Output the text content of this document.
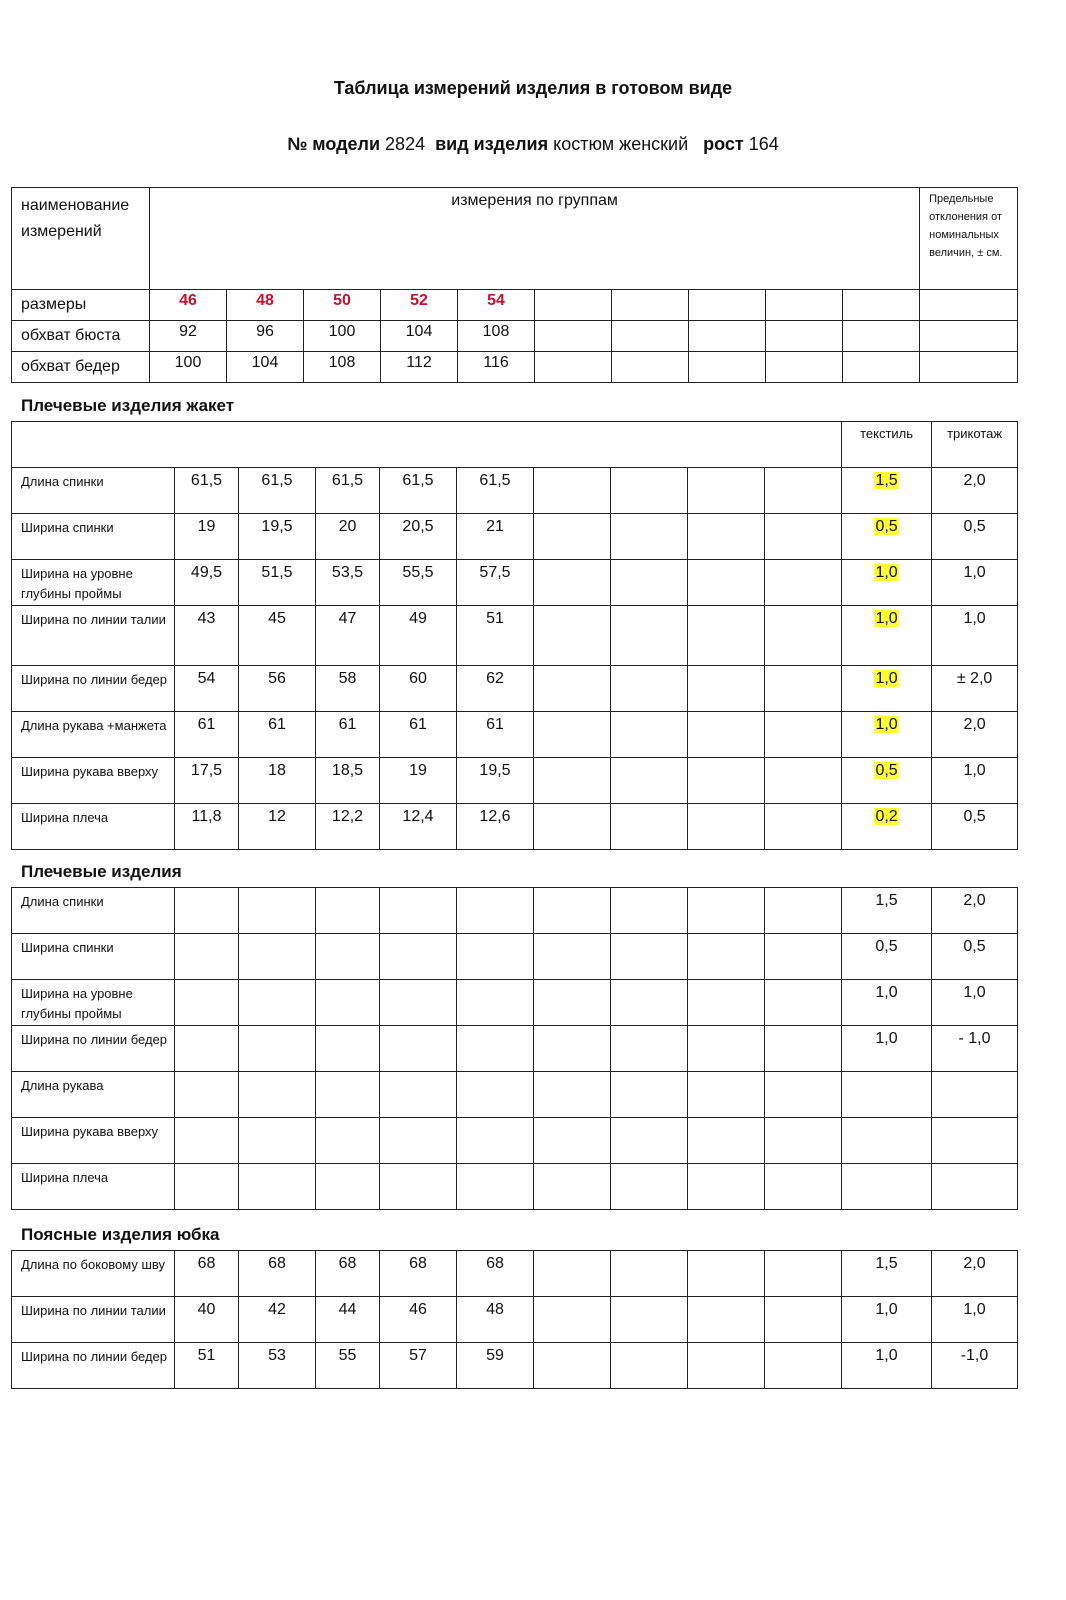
Таблица измерений изделия в готовом виде
№ модели 2824 вид изделия костюм женский рост 164
наименование измерений	измерения по группам										Предельные отклонения от номинальных величин, ± см.
размеры	46	48	50	52	54						
обхват бюста	92	96	100	104	108						
обхват бедер	100	104	108	112	116						
Плечевые изделия жакет
										текстиль	трикотаж
Длина спинки	61,5	61,5	61,5	61,5	61,5					1,5	2,0
Ширина спинки	19	19,5	20	20,5	21					0,5	0,5
Ширина на уровне глубины проймы	49,5	51,5	53,5	55,5	57,5					1,0	1,0
Ширина по линии талии	43	45	47	49	51					1,0	1,0
Ширина по линии бедер	54	56	58	60	62					1,0	± 2,0
Длина рукава +манжета	61	61	61	61	61					1,0	2,0
Ширина рукава вверху	17,5	18	18,5	19	19,5					0,5	1,0
Ширина плеча	11,8	12	12,2	12,4	12,6					0,2	0,5
Плечевые изделия
Длина спинки										1,5	2,0
Ширина спинки										0,5	0,5
Ширина на уровне глубины проймы										1,0	1,0
Ширина по линии бедер										1,0	- 1,0
Длина рукава											
Ширина рукава вверху											
Ширина плеча											
Поясные изделия юбка
Длина по боковому шву	68	68	68	68	68					1,5	2,0
Ширина по линии талии	40	42	44	46	48					1,0	1,0
Ширина по линии бедер	51	53	55	57	59					1,0	-1,0
